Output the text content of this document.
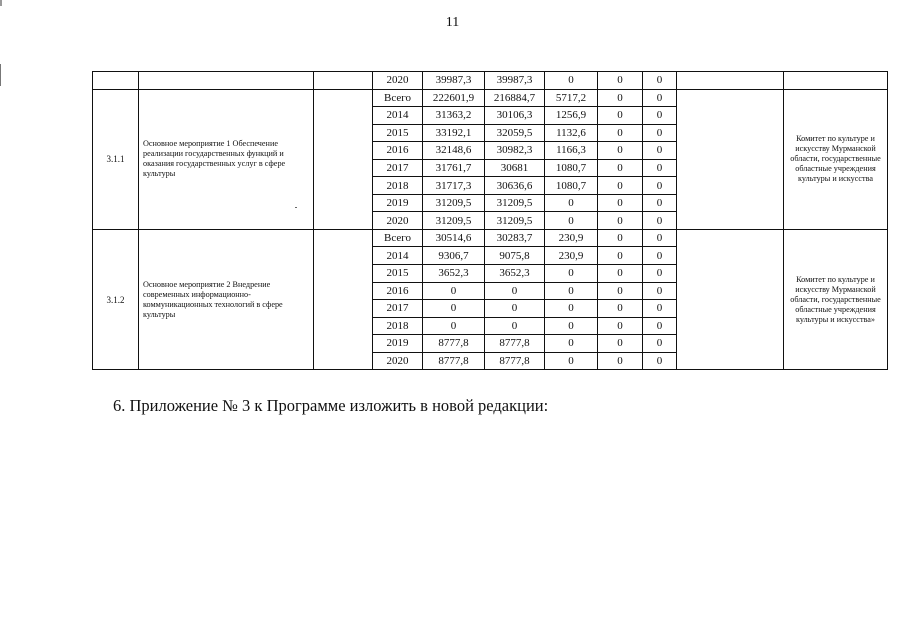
11
			2020	39987,3	39987,3	0	0	0		
3.1.1	Основное мероприятие 1 Обеспечение реализации государственных функций и оказания государственных услуг в сфере культуры		Всего	222601,9	216884,7	5717,2	0	0		Комитет по культуре и искусству Мурманской области, государственные областные учреждения культуры и искусства
			2014	31363,2	30106,3	1256,9	0	0		
			2015	33192,1	32059,5	1132,6	0	0		
			2016	32148,6	30982,3	1166,3	0	0		
			2017	31761,7	30681	1080,7	0	0		
			2018	31717,3	30636,6	1080,7	0	0		
			2019	31209,5	31209,5	0	0	0		
			2020	31209,5	31209,5	0	0	0		
3.1.2	Основное мероприятие 2 Внедрение современных информационно-коммуникационных технологий в сфере культуры		Всего	30514,6	30283,7	230,9	0	0		Комитет по культуре и искусству Мурманской области, государственные областные учреждения культуры и искусства»
			2014	9306,7	9075,8	230,9	0	0		
			2015	3652,3	3652,3	0	0	0		
			2016	0	0	0	0	0		
			2017	0	0	0	0	0		
			2018	0	0	0	0	0		
			2019	8777,8	8777,8	0	0	0		
			2020	8777,8	8777,8	0	0	0		
6. Приложение № 3 к Программе изложить в новой редакции:
